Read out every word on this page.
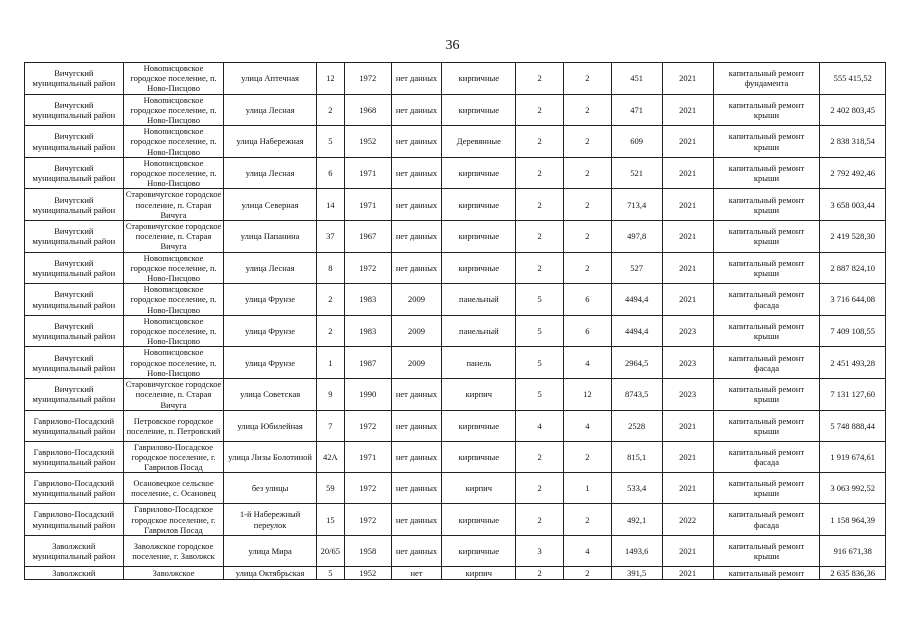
36
Вичугский муниципальный район	Новописцовское городское поселение, п. Ново-Писцово	улица Аптечная	12	1972	нет данных	кирпичные	2	2	451	2021	капитальный ремонт фундамента	555 415,52
Вичугский муниципальный район	Новописцовское городское поселение, п. Ново-Писцово	улица Лесная	2	1968	нет данных	кирпичные	2	2	471	2021	капитальный ремонт крыши	2 402 803,45
Вичугский муниципальный район	Новописцовское городское поселение, п. Ново-Писцово	улица Набережная	5	1952	нет данных	Деревянные	2	2	609	2021	капитальный ремонт крыши	2 838 318,54
Вичугский муниципальный район	Новописцовское городское поселение, п. Ново-Писцово	улица Лесная	6	1971	нет данных	кирпичные	2	2	521	2021	капитальный ремонт крыши	2 792 492,46
Вичугский муниципальный район	Старовичугское городское поселение, п. Старая Вичуга	улица Северная	14	1971	нет данных	кирпичные	2	2	713,4	2021	капитальный ремонт крыши	3 658 003,44
Вичугский муниципальный район	Старовичугское городское поселение, п. Старая Вичуга	улица Папанина	37	1967	нет данных	кирпичные	2	2	497,8	2021	капитальный ремонт крыши	2 419 528,30
Вичугский муниципальный район	Новописцовское городское поселение, п. Ново-Писцово	улица Лесная	8	1972	нет данных	кирпичные	2	2	527	2021	капитальный ремонт крыши	2 887 824,10
Вичугский муниципальный район	Новописцовское городское поселение, п. Ново-Писцово	улица Фрунзе	2	1983	2009	панельный	5	6	4494,4	2021	капитальный ремонт фасада	3 716 644,08
Вичугский муниципальный район	Новописцовское городское поселение, п. Ново-Писцово	улица Фрунзе	2	1983	2009	панельный	5	6	4494,4	2023	капитальный ремонт крыши	7 409 108,55
Вичугский муниципальный район	Новописцовское городское поселение, п. Ново-Писцово	улица Фрунзе	1	1987	2009	панель	5	4	2964,5	2023	капитальный ремонт фасада	2 451 493,28
Вичугский муниципальный район	Старовичугское городское поселение, п. Старая Вичуга	улица Советская	9	1990	нет данных	кирпич	5	12	8743,5	2023	капитальный ремонт крыши	7 131 127,60
Гаврилово-Посадский муниципальный район	Петровское городское поселение, п. Петровский	улица Юбилейная	7	1972	нет данных	кирпичные	4	4	2528	2021	капитальный ремонт крыши	5 748 888,44
Гаврилово-Посадский муниципальный район	Гаврилово-Посадское городское поселение, г. Гаврилов Посад	улица Лизы Болотиной	42А	1971	нет данных	кирпичные	2	2	815,1	2021	капитальный ремонт фасада	1 919 674,61
Гаврилово-Посадский муниципальный район	Осановецкое сельское поселение, с. Осановец	без улицы	59	1972	нет данных	кирпич	2	1	533,4	2021	капитальный ремонт крыши	3 063 992,52
Гаврилово-Посадский муниципальный район	Гаврилово-Посадское городское поселение, г. Гаврилов Посад	1-й Набережный переулок	15	1972	нет данных	кирпичные	2	2	492,1	2022	капитальный ремонт фасада	1 158 964,39
Заволжский муниципальный район	Заволжское городское поселение, г. Заволжск	улица Мира	20/65	1958	нет данных	кирпичные	3	4	1493,6	2021	капитальный ремонт крыши	916 671,38
Заволжский	Заволжское	улица Октябрьская	5	1952	нет	кирпич	2	2	391,5	2021	капитальный ремонт	2 635 836,36
